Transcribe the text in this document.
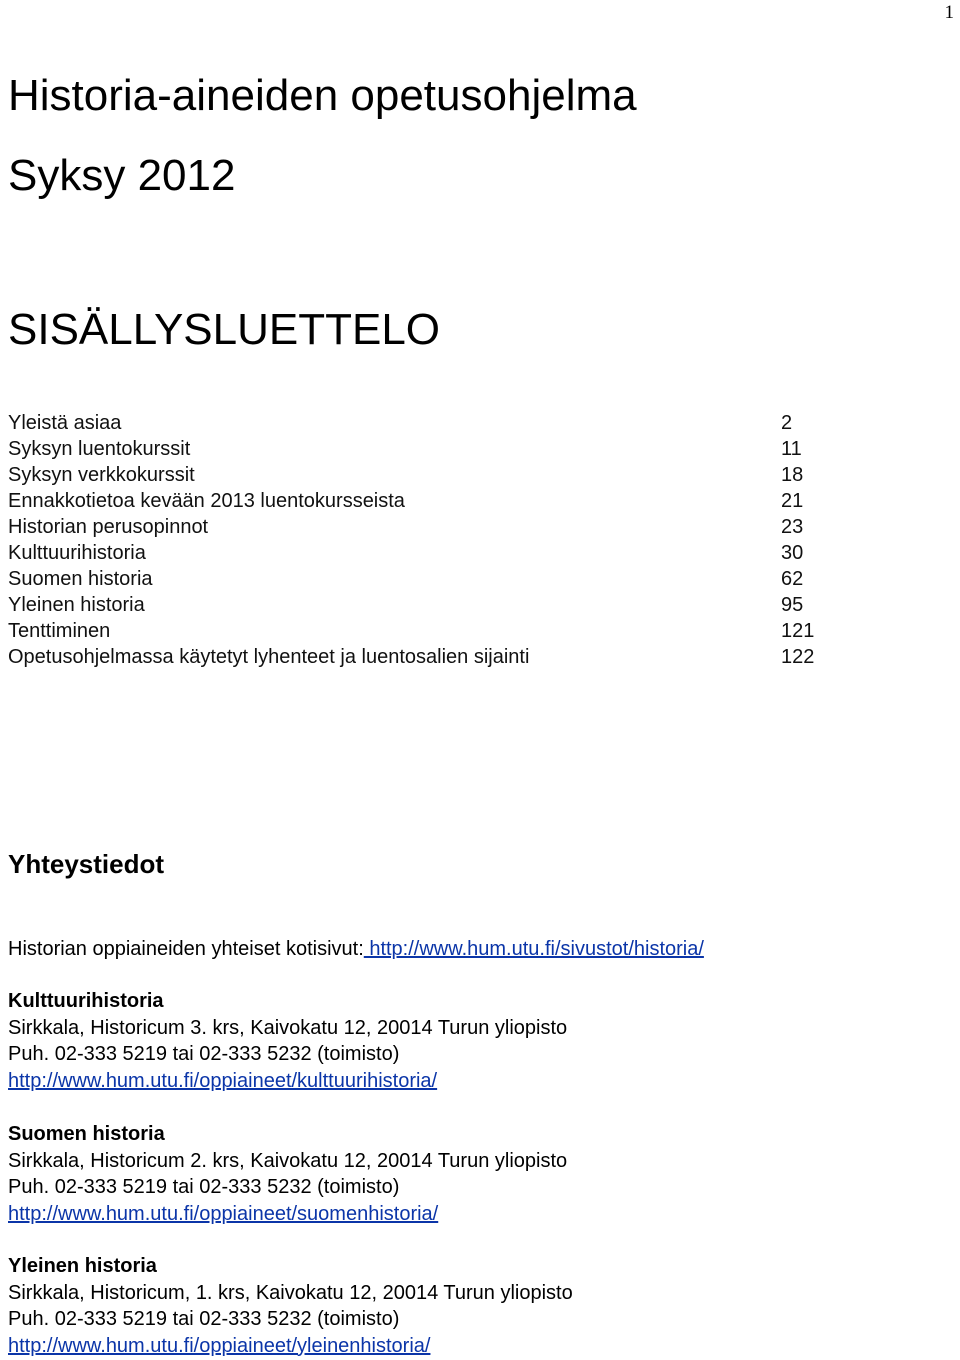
1
Historia-aineiden opetusohjelma
Syksy 2012
SISÄLLYSLUETTELO
Yleistä asiaa	2
Syksyn luentokurssit	11
Syksyn verkkokurssit	18
Ennakkotietoa kevään 2013 luentokursseista	21
Historian perusopinnot	23
Kulttuurihistoria	30
Suomen historia	62
Yleinen historia	95
Tenttiminen	121
Opetusohjelmassa käytetyt lyhenteet ja luentosalien sijainti	122
Yhteystiedot
Historian oppiaineiden yhteiset kotisivut: http://www.hum.utu.fi/sivustot/historia/
Kulttuurihistoria
Sirkkala, Historicum 3. krs, Kaivokatu 12, 20014 Turun yliopisto
Puh. 02-333 5219 tai 02-333 5232 (toimisto)
http://www.hum.utu.fi/oppiaineet/kulttuurihistoria/
Suomen historia
Sirkkala, Historicum 2. krs, Kaivokatu 12, 20014 Turun yliopisto
Puh. 02-333 5219 tai 02-333 5232 (toimisto)
http://www.hum.utu.fi/oppiaineet/suomenhistoria/
Yleinen historia
Sirkkala, Historicum, 1. krs, Kaivokatu 12, 20014 Turun yliopisto
Puh. 02-333 5219 tai 02-333 5232 (toimisto)
http://www.hum.utu.fi/oppiaineet/yleinenhistoria/
